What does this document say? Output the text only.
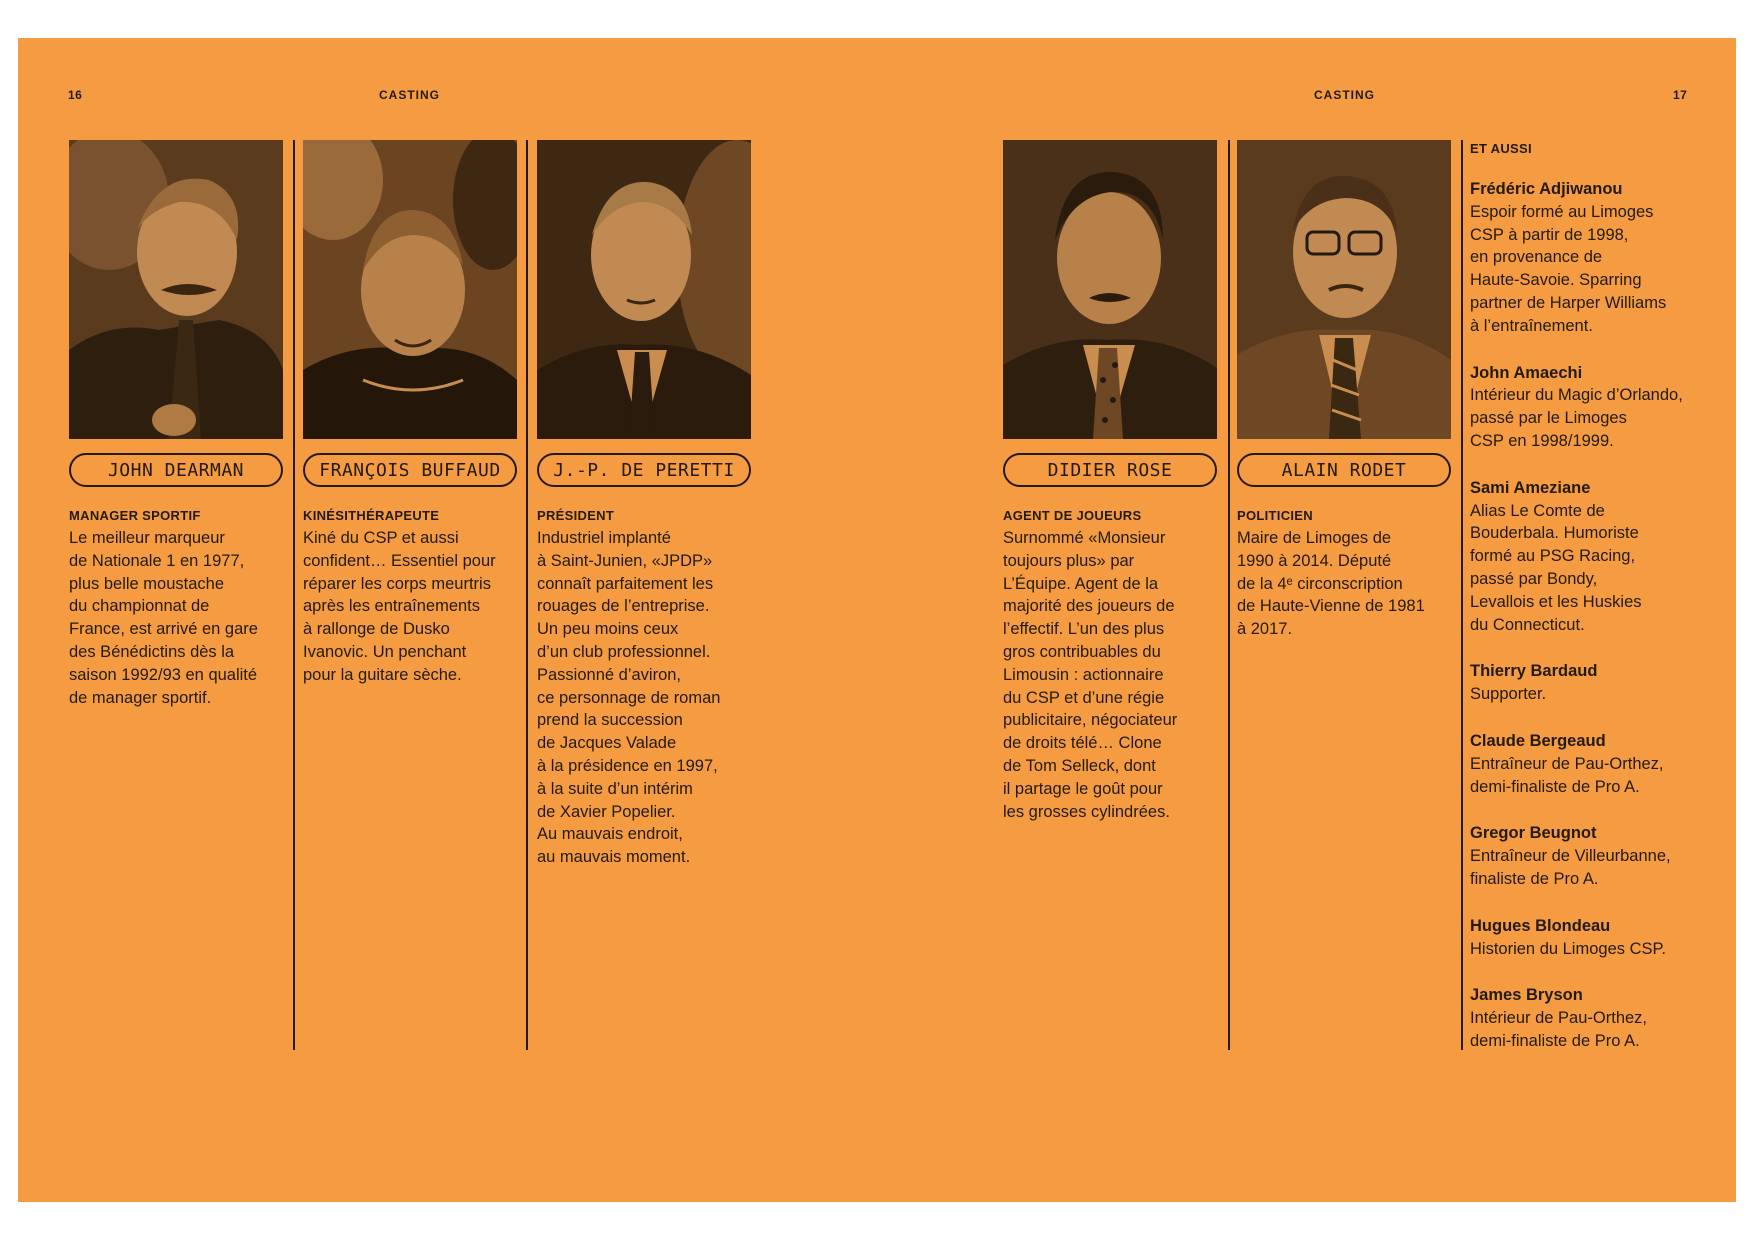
16	CASTING	CASTING	17
JOHN DEARMAN
MANAGER SPORTIF
Le meilleur marqueur
de Nationale 1 en 1977,
plus belle moustache
du championnat de
France, est arrivé en gare
des Bénédictins dès la
saison 1992/93 en qualité
de manager sportif.
FRANÇOIS BUFFAUD
KINÉSITHÉRAPEUTE
Kiné du CSP et aussi
confident… Essentiel pour
réparer les corps meurtris
après les entraînements
à rallonge de Dusko
Ivanovic. Un penchant
pour la guitare sèche.
J.-P. DE PERETTI
PRÉSIDENT
Industriel implanté
à Saint-Junien, «JPDP»
connaît parfaitement les
rouages de l’entreprise.
Un peu moins ceux
d’un club professionnel.
Passionné d’aviron,
ce personnage de roman
prend la succession
de Jacques Valade
à la présidence en 1997,
à la suite d’un intérim
de Xavier Popelier.
Au mauvais endroit,
au mauvais moment.
DIDIER ROSE
AGENT DE JOUEURS
Surnommé «Monsieur
toujours plus» par
L’Équipe. Agent de la
majorité des joueurs de
l’effectif. L’un des plus
gros contribuables du
Limousin : actionnaire
du CSP et d’une régie
publicitaire, négociateur
de droits télé… Clone
de Tom Selleck, dont
il partage le goût pour
les grosses cylindrées.
ALAIN RODET
POLITICIEN
Maire de Limoges de
1990 à 2014. Député
de la 4ᵉ circonscription
de Haute-Vienne de 1981
à 2017.
ET AUSSI
Frédéric Adjiwanou
Espoir formé au Limoges
CSP à partir de 1998,
en provenance de
Haute-Savoie. Sparring
partner de Harper Williams
à l’entraînement.
John Amaechi
Intérieur du Magic d’Orlando,
passé par le Limoges
CSP en 1998/1999.
Sami Ameziane
Alias Le Comte de
Bouderbala. Humoriste
formé au PSG Racing,
passé par Bondy,
Levallois et les Huskies
du Connecticut.
Thierry Bardaud
Supporter.
Claude Bergeaud
Entraîneur de Pau-Orthez,
demi-finaliste de Pro A.
Gregor Beugnot
Entraîneur de Villeurbanne,
finaliste de Pro A.
Hugues Blondeau
Historien du Limoges CSP.
James Bryson
Intérieur de Pau-Orthez,
demi-finaliste de Pro A.
